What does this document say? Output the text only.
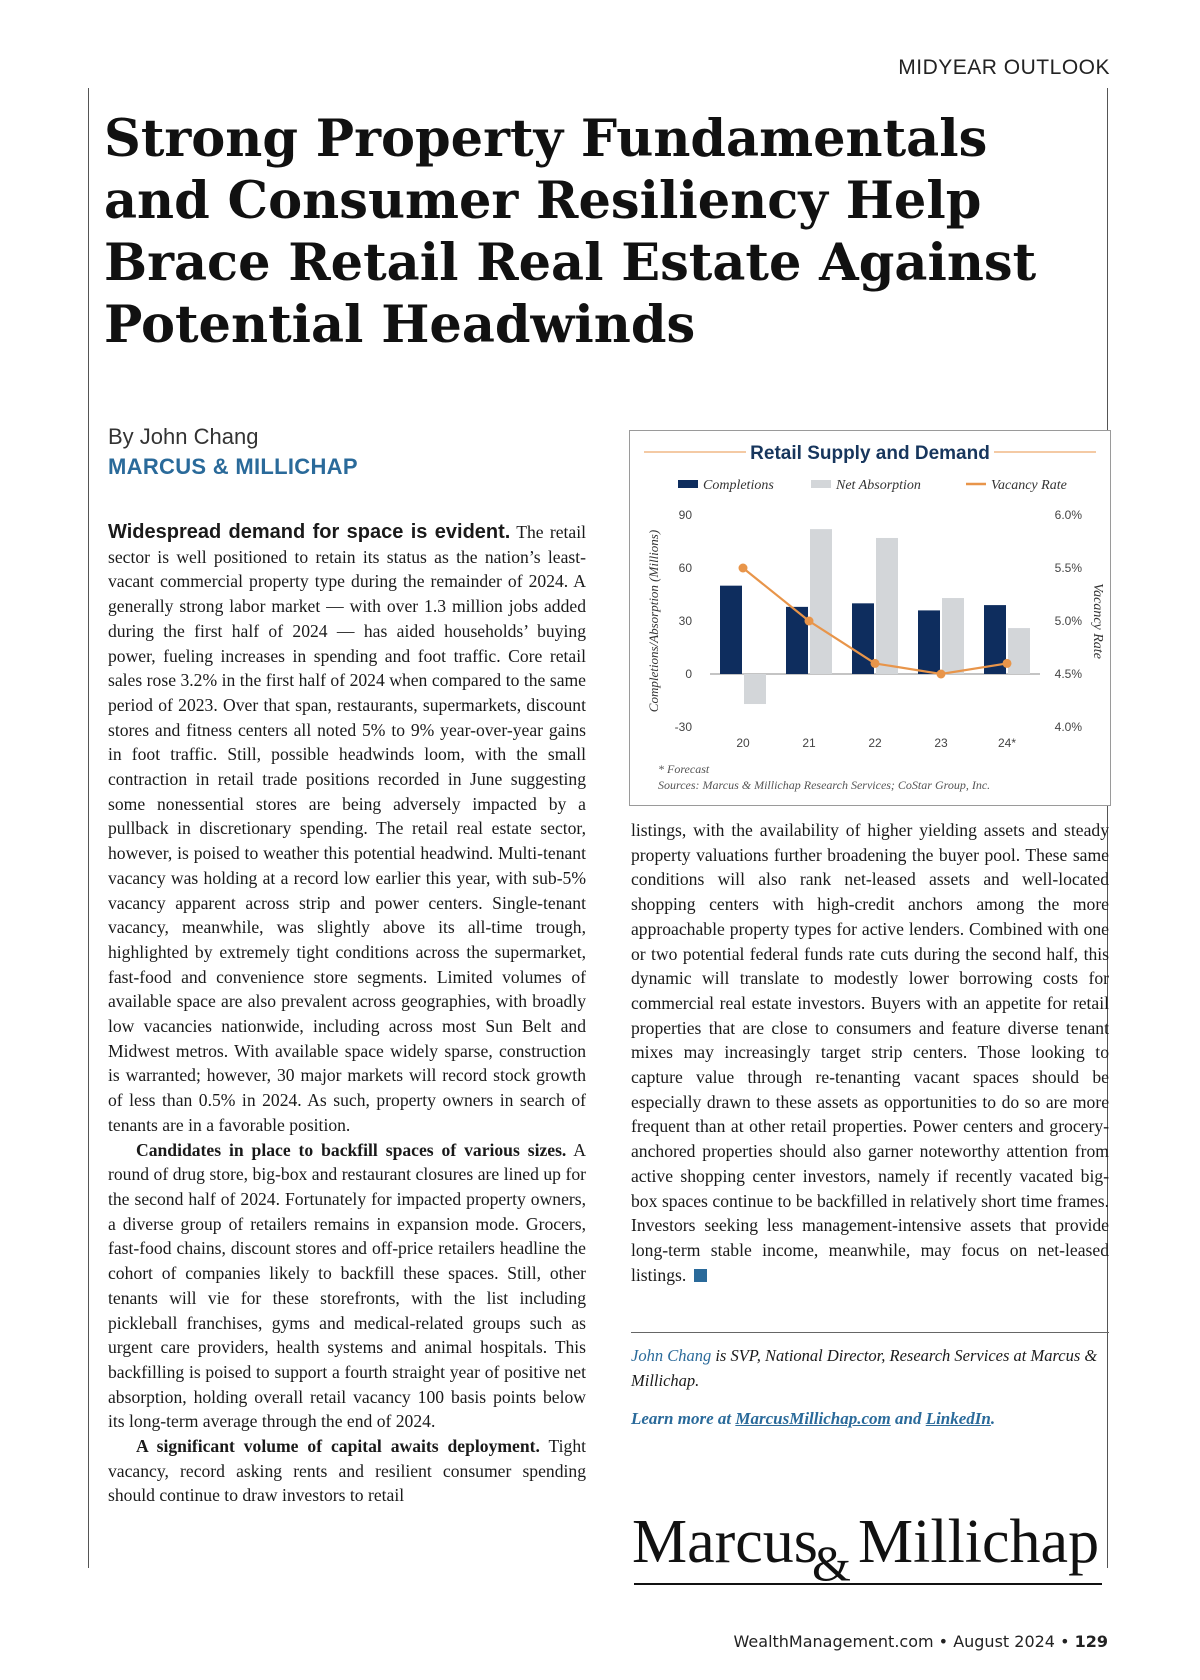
MIDYEAR OUTLOOK
Strong Property Fundamentals and Consumer Resiliency Help Brace Retail Real Estate Against Potential Headwinds
By John Chang
MARCUS & MILLICHAP

Widespread demand for space is evident. The retail sector is well positioned to retain its status as the nation’s least-vacant commercial property type during the remainder of 2024. A generally strong labor market — with over 1.3 million jobs added during the first half of 2024 — has aided households’ buying power, fueling increases in spending and foot traffic. Core retail sales rose 3.2% in the first half of 2024 when compared to the same period of 2023. Over that span, restaurants, supermarkets, discount stores and fitness centers all noted 5% to 9% year-over-year gains in foot traffic. Still, possible headwinds loom, with the small contraction in retail trade positions recorded in June suggesting some nonessential stores are being adversely impacted by a pullback in discretionary spending. The retail real estate sector, however, is poised to weather this potential headwind. Multi-tenant vacancy was holding at a record low earlier this year, with sub-5% vacancy apparent across strip and power centers. Single-tenant vacancy, meanwhile, was slightly above its all-time trough, highlighted by extremely tight conditions across the supermarket, fast-food and convenience store segments. Limited volumes of available space are also prevalent across geographies, with broadly low vacancies nationwide, including across most Sun Belt and Midwest metros. With available space widely sparse, construction is warranted; however, 30 major markets will record stock growth of less than 0.5% in 2024. As such, property owners in search of tenants are in a favorable position.

Candidates in place to backfill spaces of various sizes. A round of drug store, big-box and restaurant closures are lined up for the second half of 2024. Fortunately for impacted property owners, a diverse group of retailers remains in expansion mode. Grocers, fast-food chains, discount stores and off-price retailers headline the cohort of companies likely to backfill these spaces. Still, other tenants will vie for these storefronts, with the list including pickleball franchises, gyms and medical-related groups such as urgent care providers, health systems and animal hospitals. This backfilling is poised to support a fourth straight year of positive net absorption, holding overall retail vacancy 100 basis points below its long-term average through the end of 2024.

A significant volume of capital awaits deployment. Tight vacancy, record asking rents and resilient consumer spending should continue to draw investors to retail

Retail Supply and Demand
Completions	Net Absorption	Vacancy Rate
-30
0
30
60
90
4.0%
4.5%
5.0%
5.5%
6.0%
Completions/Absorption (Millions)	Vacancy Rate
20	21	22	23	24*
* Forecast
Sources: Marcus & Millichap Research Services; CoStar Group, Inc.

listings, with the availability of higher yielding assets and steady property valuations further broadening the buyer pool. These same conditions will also rank net-leased assets and well-located shopping centers with high-credit anchors among the more approachable property types for active lenders. Combined with one or two potential federal funds rate cuts during the second half, this dynamic will translate to modestly lower borrowing costs for commercial real estate investors. Buyers with an appetite for retail properties that are close to consumers and feature diverse tenant mixes may increasingly target strip centers. Those looking to capture value through re-tenanting vacant spaces should be especially drawn to these assets as opportunities to do so are more frequent than at other retail properties. Power centers and grocery-anchored properties should also garner noteworthy attention from active shopping center investors, namely if recently vacated big-box spaces continue to be backfilled in relatively short time frames. Investors seeking less management-intensive assets that provide long-term stable income, meanwhile, may focus on net-leased listings.

John Chang is SVP, National Director, Research Services at Marcus & Millichap.
Learn more at MarcusMillichap.com and LinkedIn.
Marcus
& Millichap
WealthManagement.com • August 2024 • 129
